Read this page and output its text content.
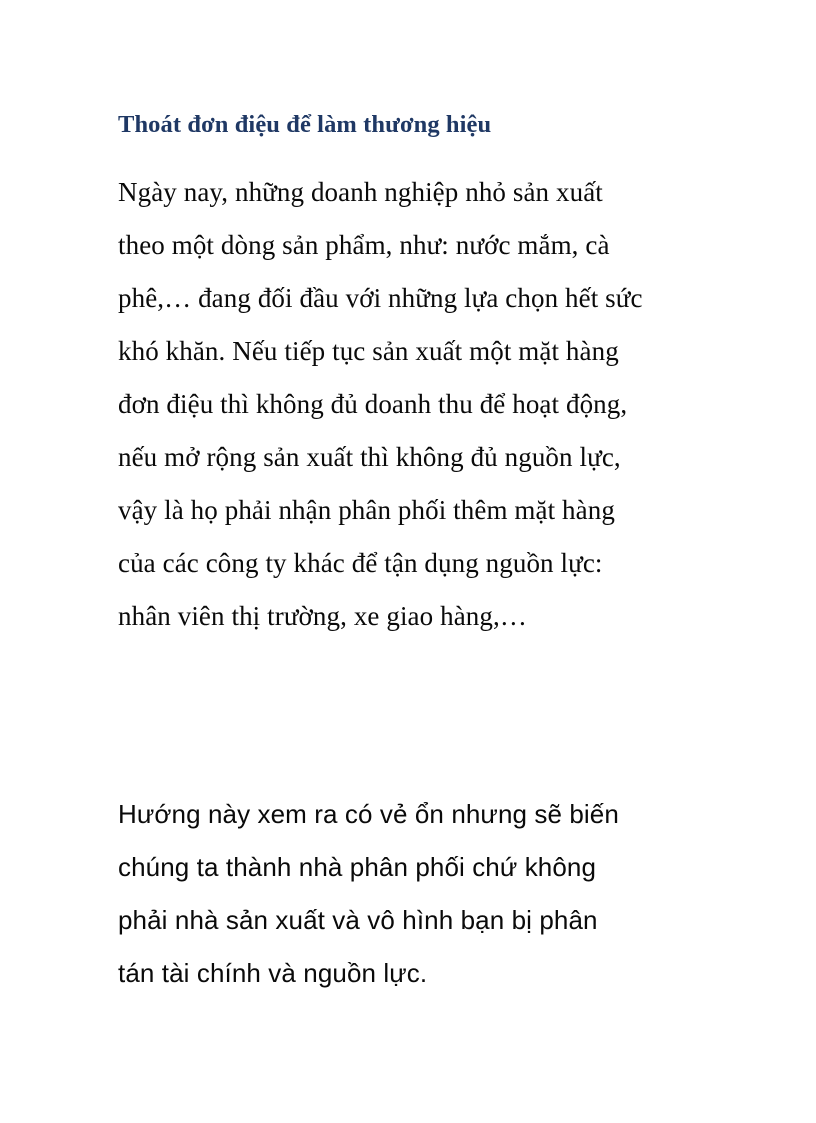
Thoát đơn điệu để làm thương hiệu
Ngày nay, những doanh nghiệp nhỏ sản xuất
theo một dòng sản phẩm, như: nước mắm, cà
phê,… đang đối đầu với những lựa chọn hết sức
khó khăn. Nếu tiếp tục sản xuất một mặt hàng
đơn điệu thì không đủ doanh thu để hoạt động,
nếu mở rộng sản xuất thì không đủ nguồn lực,
vậy là họ phải nhận phân phối thêm mặt hàng
của các công ty khác để tận dụng nguồn lực:
nhân viên thị trường, xe giao hàng,…
Hướng này xem ra có vẻ ổn nhưng sẽ biến
chúng ta thành nhà phân phối chứ không
phải nhà sản xuất và vô hình bạn bị phân
tán tài chính và nguồn lực.
